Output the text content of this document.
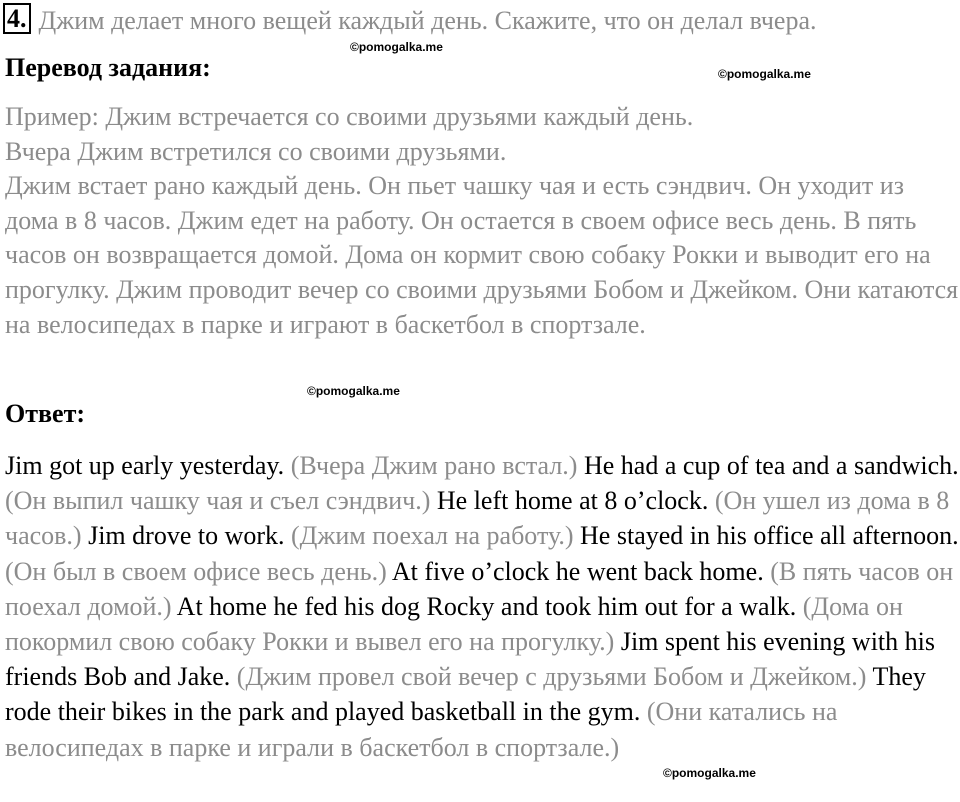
4. Джим делает много вещей каждый день. Скажите, что он делал вчера.
©pomogalka.me
Перевод задания:	©pomogalka.me

Пример: Джим встречается со своими друзьями каждый день.

Вчера Джим встретился со своими друзьями.

Джим встает рано каждый день. Он пьет чашку чая и есть сэндвич. Он уходит из дома в 8 часов. Джим едет на работу. Он остается в своем офисе весь день. В пять часов он возвращается домой. Дома он кормит свою собаку Рокки и выводит его на прогулку. Джим проводит вечер со своими друзьями Бобом и Джейком. Они катаются на велосипедах в парке и играют в баскетбол в спортзале.

©pomogalka.me
Ответ:

Jim got up early yesterday. (Вчера Джим рано встал.) He had a cup of tea and a sandwich. (Он выпил чашку чая и съел сэндвич.) He left home at 8 o’clock. (Он ушел из дома в 8 часов.) Jim drove to work. (Джим поехал на работу.) He stayed in his office all afternoon. (Он был в своем офисе весь день.) At five o’clock he went back home. (В пять часов он поехал домой.) At home he fed his dog Rocky and took him out for a walk. (Дома он покормил свою собаку Рокки и вывел его на прогулку.) Jim spent his evening with his friends Bob and Jake. (Джим провел свой вечер с друзьями Бобом и Джейком.) They rode their bikes in the park and played basketball in the gym. (Они катались на велосипедах в парке и играли в баскетбол в спортзале.)

©pomogalka.me
